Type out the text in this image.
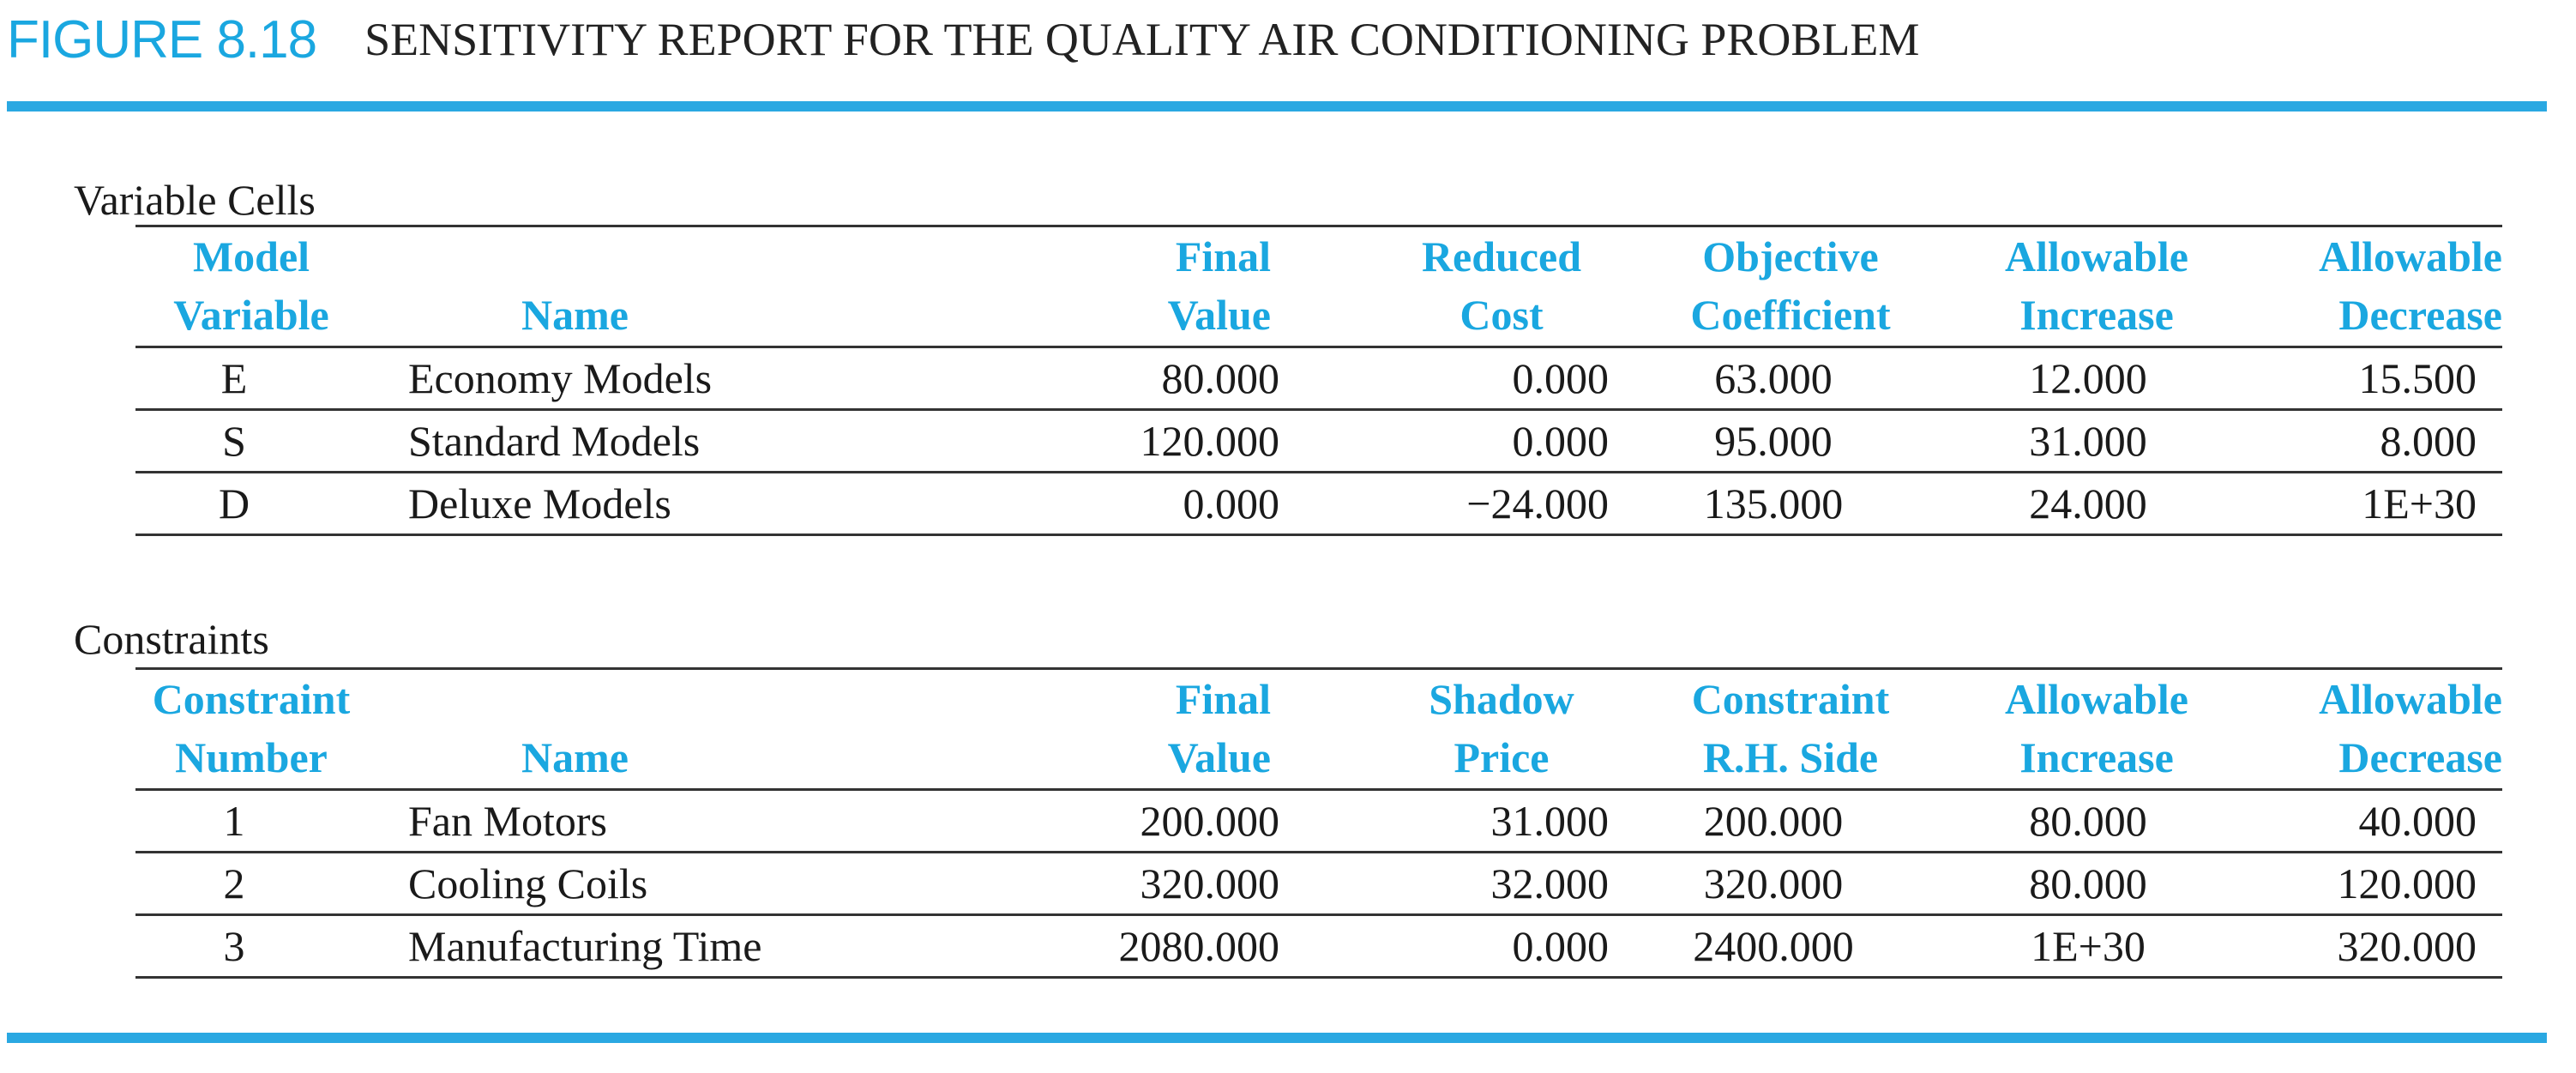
FIGURE 8.18 SENSITIVITY REPORT FOR THE QUALITY AIR CONDITIONING PROBLEM
Variable Cells
Model		Final	Reduced	Objective	Allowable	Allowable
Variable	Name	Value	Cost	Coefficient	Increase	Decrease
E	Economy Models	80.000	0.000	63.000	12.000	15.500
S	Standard Models	120.000	0.000	95.000	31.000	8.000
D	Deluxe Models	0.000	−24.000	135.000	24.000	1E+30
Constraints
Constraint		Final	Shadow	Constraint	Allowable	Allowable
Number	Name	Value	Price	R.H. Side	Increase	Decrease
1	Fan Motors	200.000	31.000	200.000	80.000	40.000
2	Cooling Coils	320.000	32.000	320.000	80.000	120.000
3	Manufacturing Time	2080.000	0.000	2400.000	1E+30	320.000
